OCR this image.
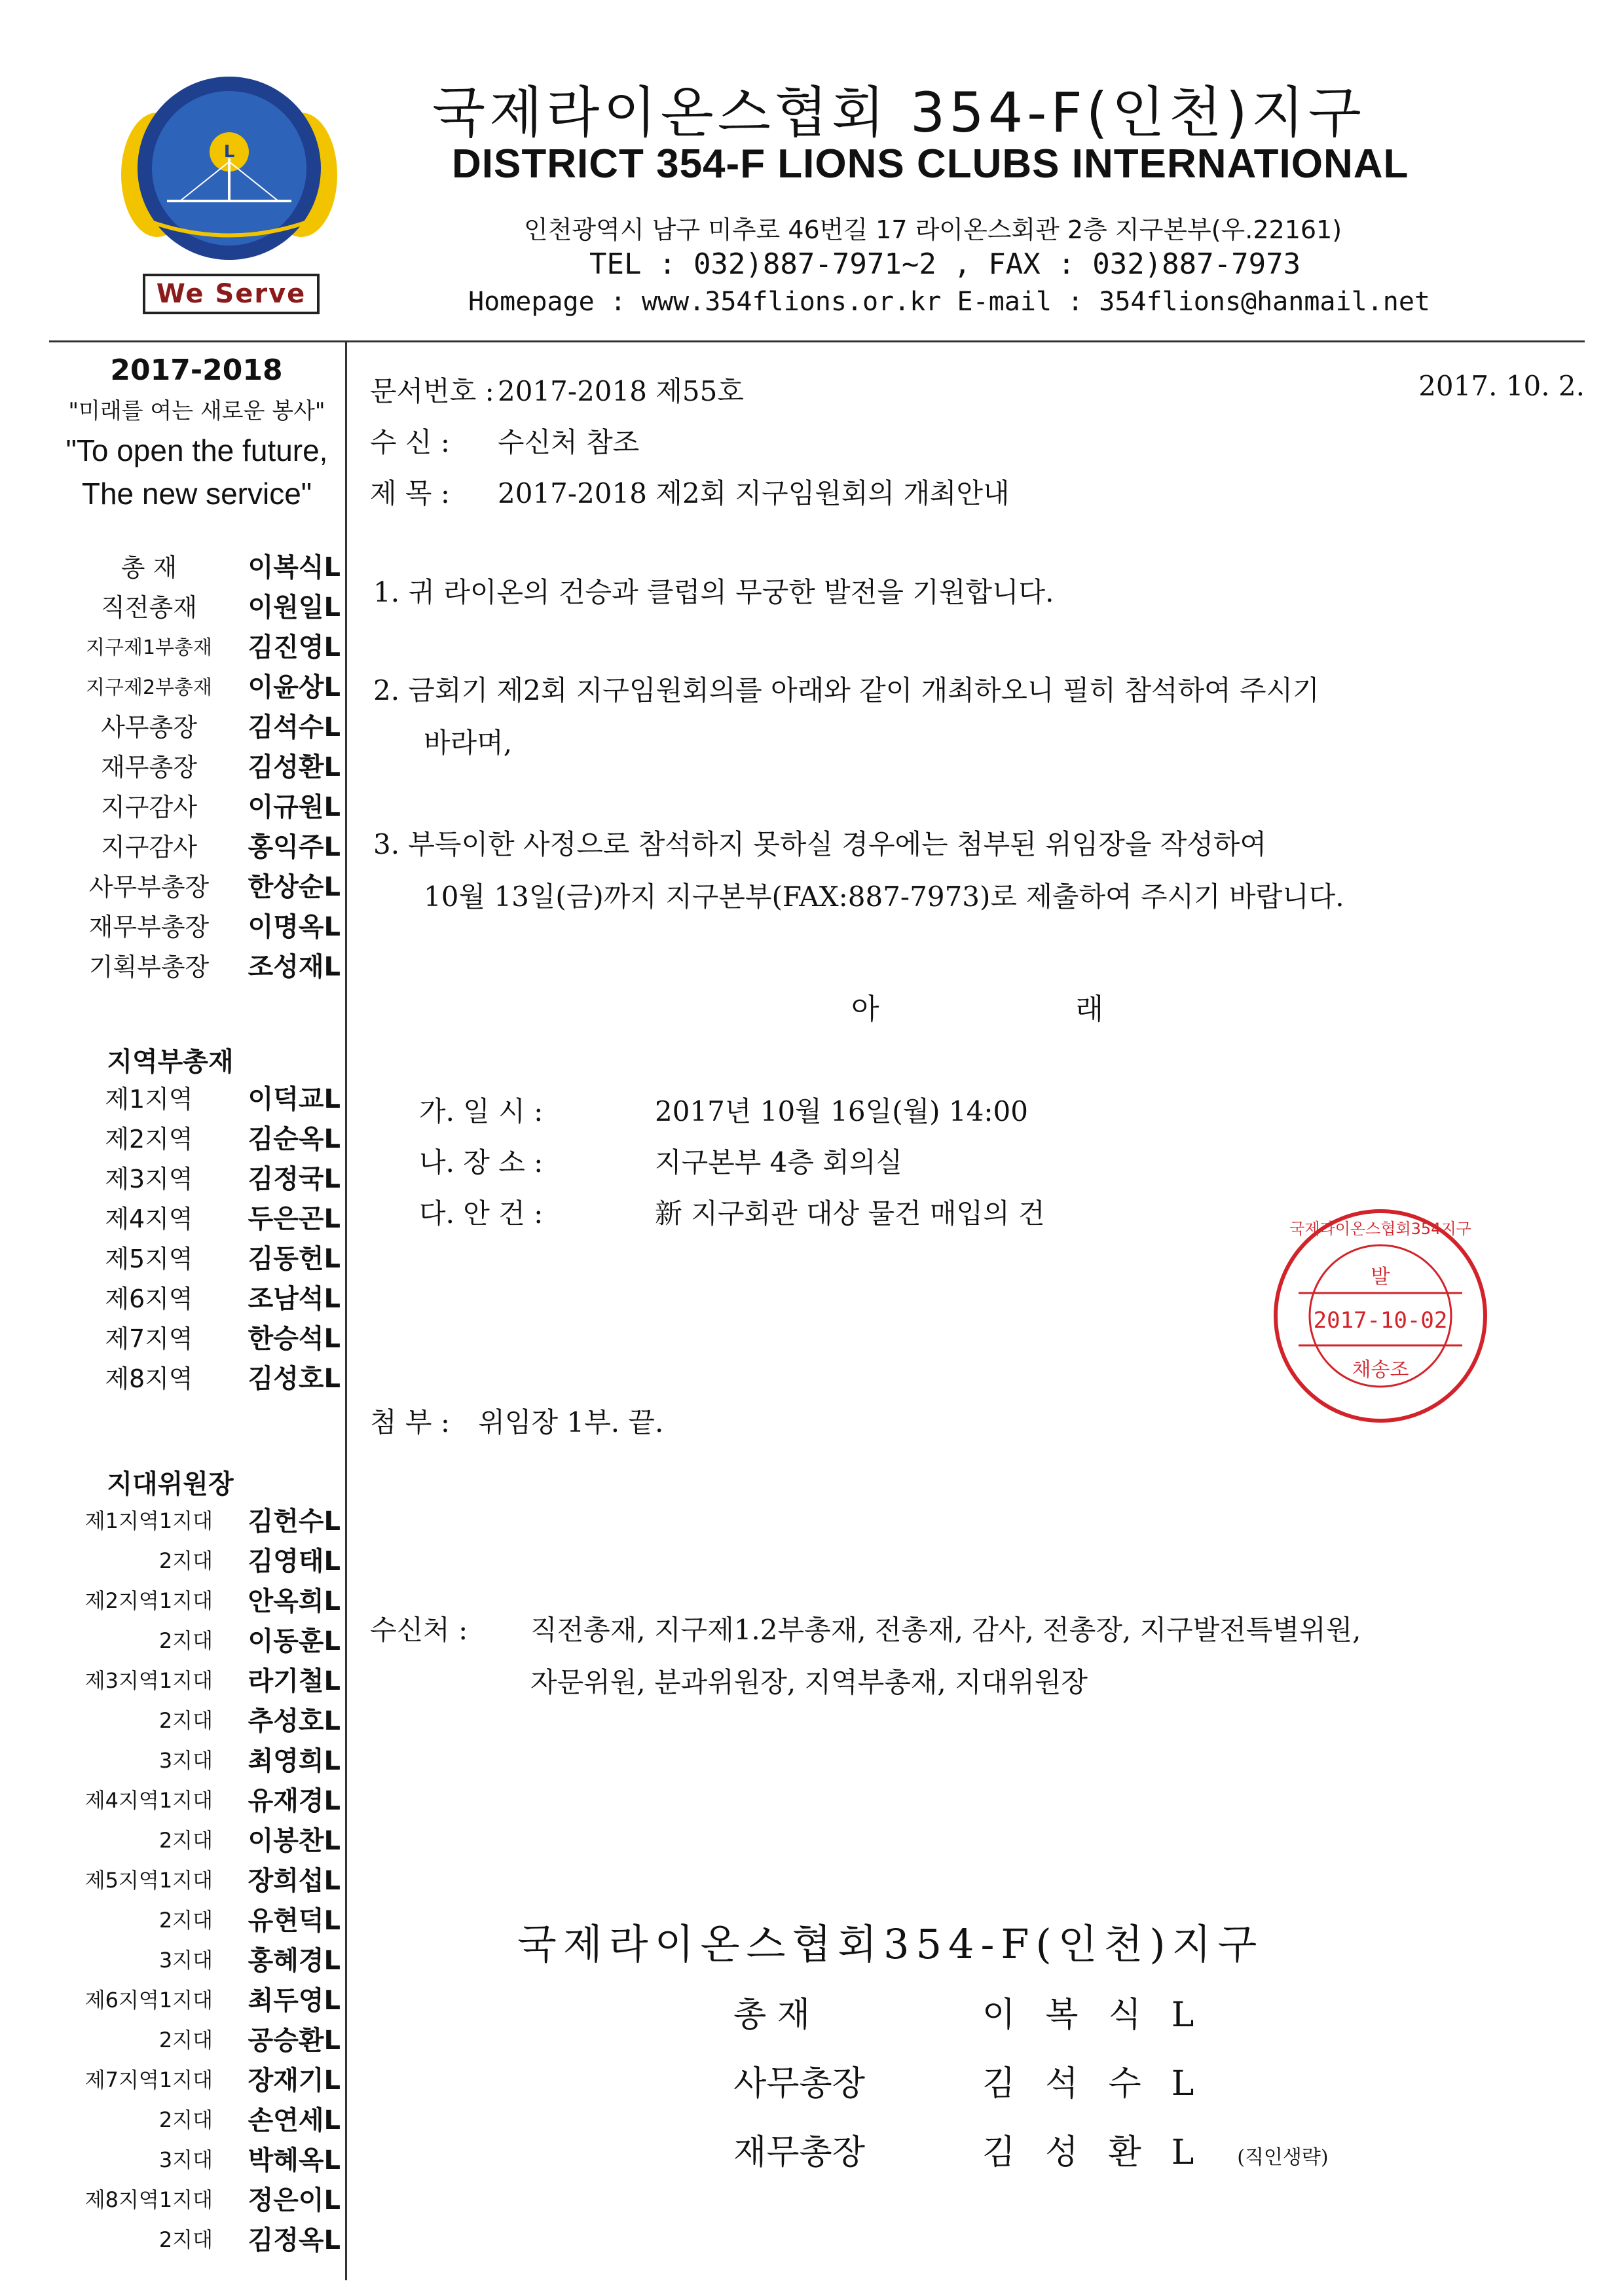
L
We Serve
국제라이온스협회 354-F(인천)지구
DISTRICT 354-F LIONS CLUBS INTERNATIONAL
인천광역시 남구 미추로 46번길 17 라이온스회관 2층 지구본부(우.22161)
TEL : 032)887-7971~2 , FAX : 032)887-7973
Homepage : www.354flions.or.kr E-mail : 354flions@hanmail.net
2017-2018
"미래를 여는 새로운 봉사"
"To open the future,
The new service"
총 재	이복식L
직전총재	이원일L
지구제1부총재	김진영L
지구제2부총재	이윤상L
사무총장	김석수L
재무총장	김성환L
지구감사	이규원L
지구감사	홍익주L
사무부총장	한상순L
재무부총장	이명옥L
기획부총장	조성재L
지역부총재
제1지역	이덕교L
제2지역	김순옥L
제3지역	김정국L
제4지역	두은곤L
제5지역	김동헌L
제6지역	조남석L
제7지역	한승석L
제8지역	김성호L
지대위원장
제1지역1지대	김헌수L
2지대	김영태L
제2지역1지대	안옥희L
2지대	이동훈L
제3지역1지대	라기철L
2지대	추성호L
3지대	최영희L
제4지역1지대	유재경L
2지대	이봉찬L
제5지역1지대	장희섭L
2지대	유현덕L
3지대	홍혜경L
제6지역1지대	최두영L
2지대	공승환L
제7지역1지대	장재기L
2지대	손연세L
3지대	박혜옥L
제8지역1지대	정은이L
2지대	김정옥L
문서번호 : 2017-2018 제55호	2017. 10. 2.
수 신 : 수신처 참조
제 목 : 2017-2018 제2회 지구임원회의 개최안내
1. 귀 라이온의 건승과 클럽의 무궁한 발전을 기원합니다.
2. 금회기 제2회 지구임원회의를 아래와 같이 개최하오니 필히 참석하여 주시기
바라며,
3. 부득이한 사정으로 참석하지 못하실 경우에는 첨부된 위임장을 작성하여
10월 13일(금)까지 지구본부(FAX:887-7973)로 제출하여 주시기 바랍니다.
아래
가. 일 시 :	2017년 10월 16일(월) 14:00
나. 장 소 :	지구본부 4층 회의실
다. 안 건 :	新 지구회관 대상 물건 매입의 건
첨 부 : 위임장 1부. 끝.
수신처 : 직전총재, 지구제1.2부총재, 전총재, 감사, 전총장, 지구발전특별위원,
자문위원, 분과위원장, 지역부총재, 지대위원장
국제라이온스협회354-F(인천)지구
총 재	이복식L
사무총장	김석수L
재무총장	김성환L (직인생략)
국제라이온스협회354지구
발
2017-10-02
채송조
